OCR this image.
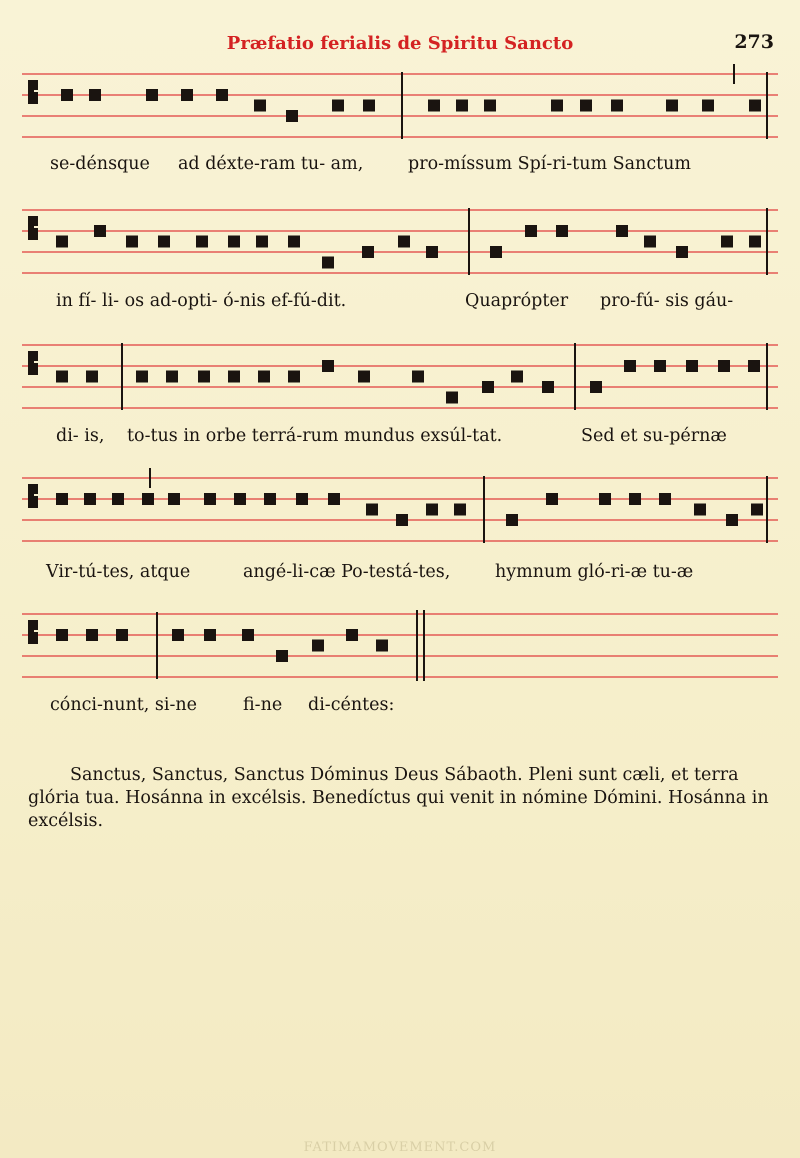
Præfatio ferialis de Spiritu Sancto	273

se-dénsque

ad déxte-ram tu- am,

	pro-míssum Spí-ri-tum Sanctum

in fí- li- os ad-opti- ó-nis ef-fú-dit.

	Quaprópter

pro-fú- sis gáu-

di- is,

to-tus in orbe terrá-rum mundus exsúl-tat.

	Sed et su-pérnæ

Vir-tú-tes, atque

	angé-li-cæ Po-testá-tes,

	hymnum gló-ri-æ tu-æ

cónci-nunt, si-ne

	fi-ne

di-céntes:

Sanctus, Sanctus, Sanctus Dóminus Deus Sábaoth. Pleni sunt cæli, et terra glória tua. Hosánna in excélsis. Benedíctus qui venit in nómine Dómini. Hosánna in excélsis.

FATIMAMOVEMENT.COM
